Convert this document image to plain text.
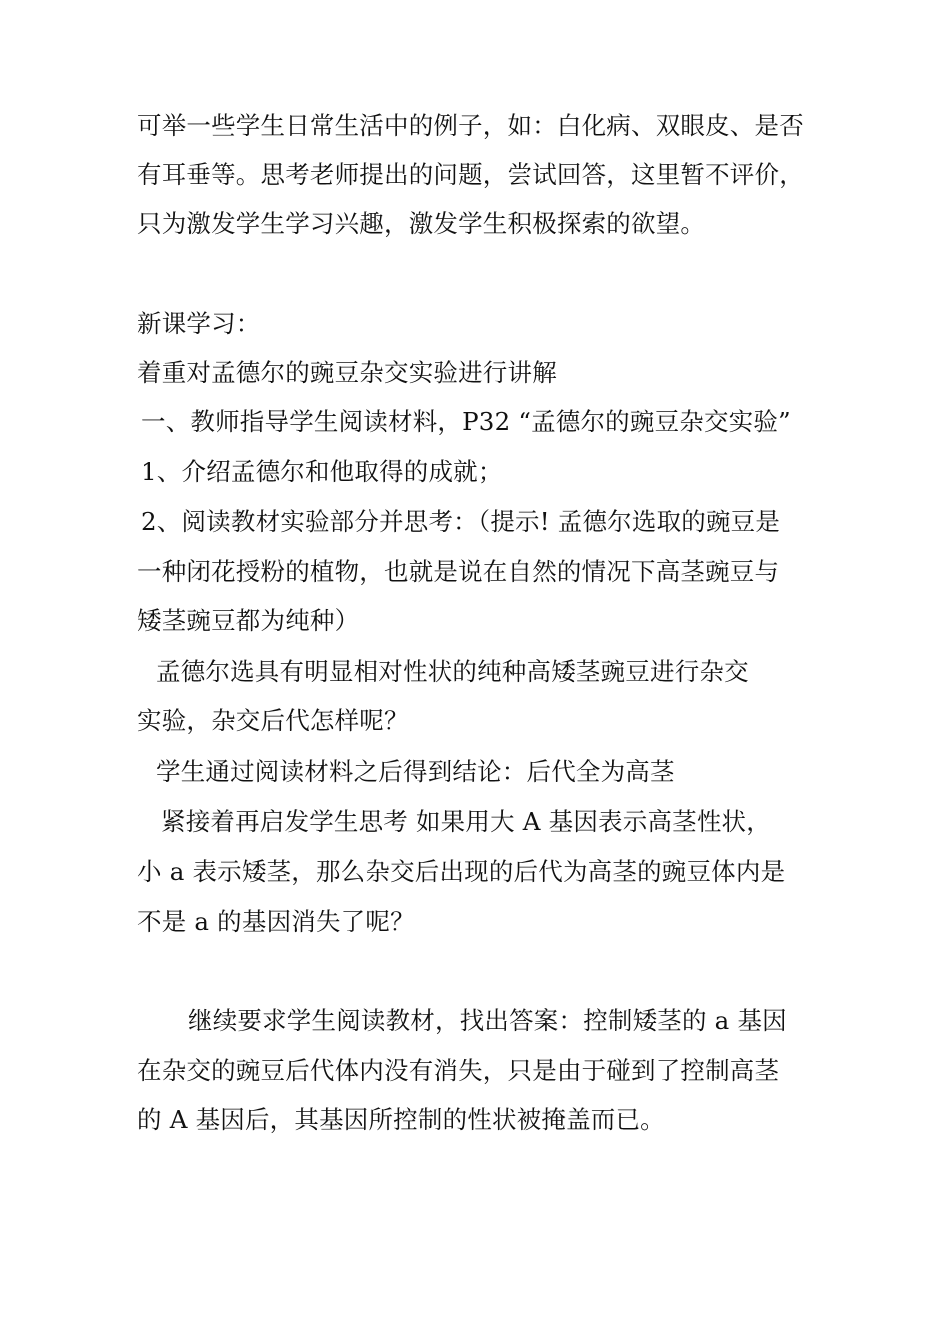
可举一些学生日常生活中的例子，如：白化病、双眼皮、是否
有耳垂等。思考老师提出的问题，尝试回答，这里暂不评价，
只为激发学生学习兴趣，激发学生积极探索的欲望。
新课学习：
着重对孟德尔的豌豆杂交实验进行讲解
一、教师指导学生阅读材料，P32 “孟德尔的豌豆杂交实验”
1、介绍孟德尔和他取得的成就；
2、阅读教材实验部分并思考：（提示! 孟德尔选取的豌豆是
一种闭花授粉的植物，也就是说在自然的情况下高茎豌豆与
矮茎豌豆都为纯种）
孟德尔选具有明显相对性状的纯种高矮茎豌豆进行杂交
实验，杂交后代怎样呢？
学生通过阅读材料之后得到结论：后代全为高茎
紧接着再启发学生思考 如果用大 A 基因表示高茎性状，
小 a 表示矮茎，那么杂交后出现的后代为高茎的豌豆体内是
不是 a 的基因消失了呢？
继续要求学生阅读教材，找出答案：控制矮茎的 a 基因
在杂交的豌豆后代体内没有消失，只是由于碰到了控制高茎
的 A 基因后，其基因所控制的性状被掩盖而已。
